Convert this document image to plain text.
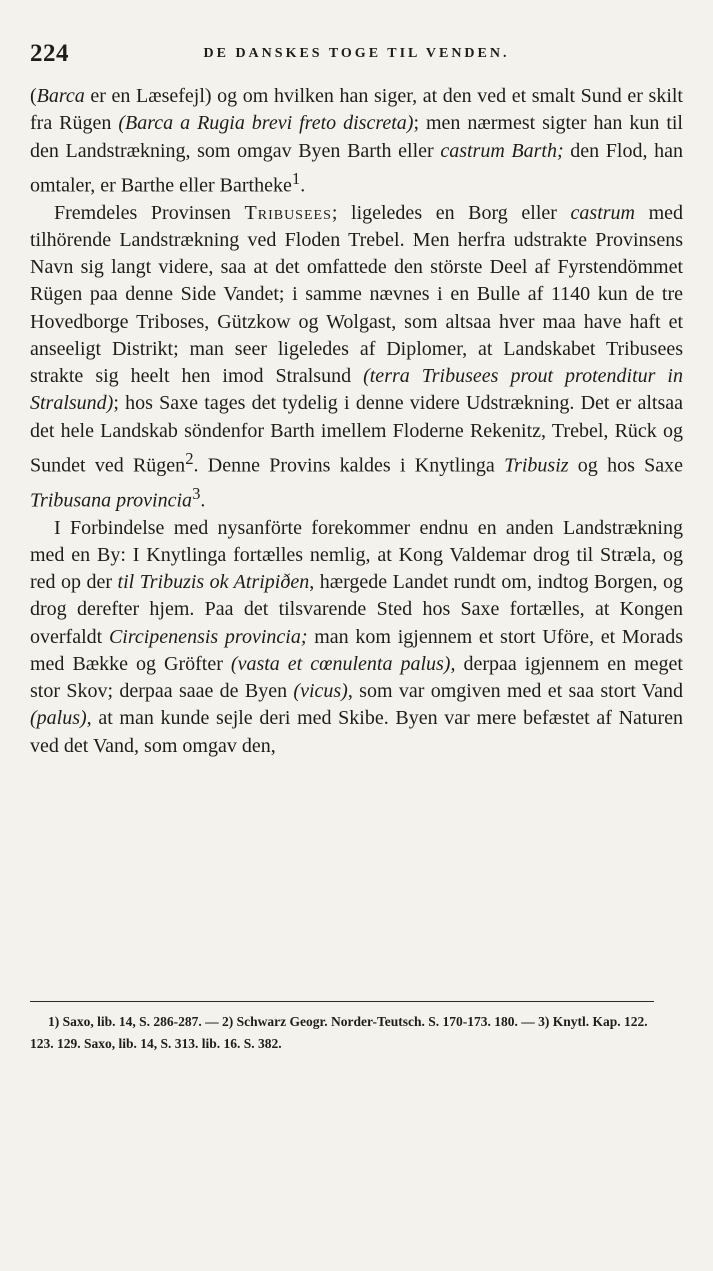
224	DE DANSKES TOGE TIL VENDEN.

(Barca er en Læsefejl) og om hvilken han siger, at den ved et smalt Sund er skilt fra Rügen (Barca a Rugia brevi freto discreta); men nærmest sigter han kun til den Landstrækning, som omgav Byen Barth eller castrum Barth; den Flod, han omtaler, er Barthe eller Bartheke$^1$.

Fremdeles Provinsen Tribusees; ligeledes en Borg eller castrum med tilhörende Landstrækning ved Floden Trebel. Men herfra udstrakte Provinsens Navn sig langt videre, saa at det omfattede den störste Deel af Fyrstendömmet Rügen paa denne Side Vandet; i samme nævnes i en Bulle af 1140 kun de tre Hovedborge Triboses, Gützkow og Wolgast, som altsaa hver maa have haft et anseeligt Distrikt; man seer ligeledes af Diplomer, at Landskabet Tribusees strakte sig heelt hen imod Stralsund (terra Tribusees prout protenditur in Stralsund); hos Saxe tages det tydelig i denne videre Udstrækning. Det er altsaa det hele Landskab söndenfor Barth imellem Floderne Rekenitz, Trebel, Rück og Sundet ved Rügen$^2$. Denne Provins kaldes i Knytlinga Tribusiz og hos Saxe Tribusana provincia$^3$.

I Forbindelse med nysanförte forekommer endnu en anden Landstrækning med en By: I Knytlinga fortælles nemlig, at Kong Valdemar drog til Stræla, og red op der til Tribuzis ok Atripiðen, hærgede Landet rundt om, indtog Borgen, og drog derefter hjem. Paa det tilsvarende Sted hos Saxe fortælles, at Kongen overfaldt Circipenensis provincia; man kom igjennem et stort Uföre, et Morads med Bække og Gröfter (vasta et cœnulenta palus), derpaa igjennem en meget stor Skov; derpaa saae de Byen (vicus), som var omgiven med et saa stort Vand (palus), at man kunde sejle deri med Skibe. Byen var mere befæstet af Naturen ved det Vand, som omgav den,

1) Saxo, lib. 14, S. 286-287. — 2) Schwarz Geogr. Norder-Teutsch. S. 170-173. 180. — 3) Knytl. Kap. 122. 123. 129. Saxo, lib. 14, S. 313. lib. 16. S. 382.
